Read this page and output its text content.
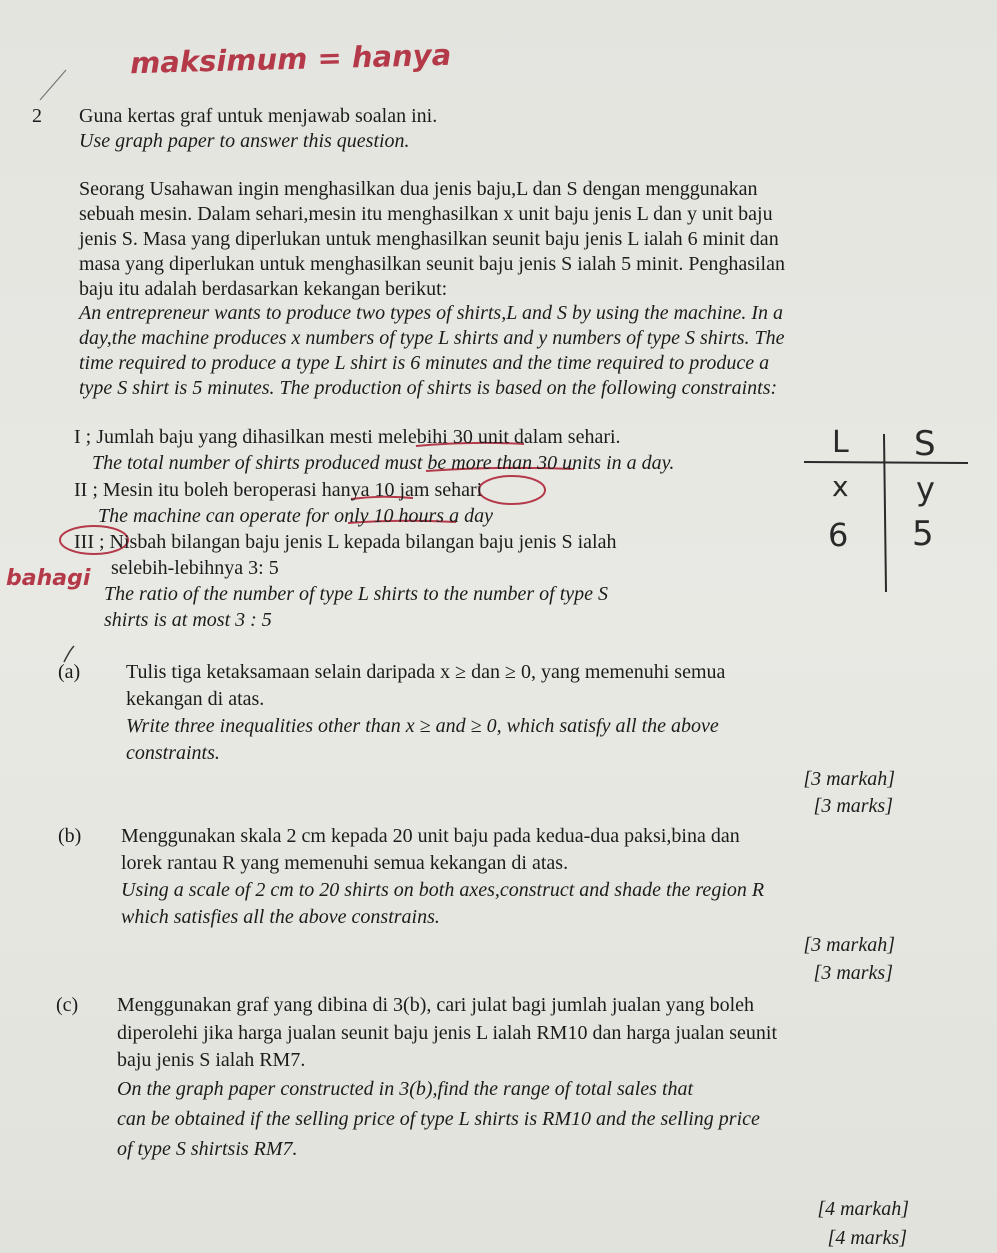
maksimum = hanya
bahagi
L S
x y
6 5
2 Guna kertas graf untuk menjawab soalan ini.
Use graph paper to answer this question.
Seorang Usahawan ingin menghasilkan dua jenis baju,L dan S dengan menggunakan
sebuah mesin. Dalam sehari,mesin itu menghasilkan x unit baju jenis L dan y unit baju
jenis S. Masa yang diperlukan untuk menghasilkan seunit baju jenis L ialah 6 minit dan
masa yang diperlukan untuk menghasilkan seunit baju jenis S ialah 5 minit. Penghasilan
baju itu adalah berdasarkan kekangan berikut:
An entrepreneur wants to produce two types of shirts,L and S by using the machine. In a
day,the machine produces x numbers of type L shirts and y numbers of type S shirts. The
time required to produce a type L shirt is 6 minutes and the time required to produce a
type S shirt is 5 minutes. The production of shirts is based on the following constraints:
I ; Jumlah baju yang dihasilkan mesti melebihi 30 unit dalam sehari.
The total number of shirts produced must be more than 30 units in a day.
II ; Mesin itu boleh beroperasi hanya 10 jam sehari
The machine can operate for only 10 hours a day
III ; Nisbah bilangan baju jenis L kepada bilangan baju jenis S ialah
selebih-lebihnya 3: 5
The ratio of the number of type L shirts to the number of type S
shirts is at most 3 : 5
(a) Tulis tiga ketaksamaan selain daripada x ≥ dan ≥ 0, yang memenuhi semua
kekangan di atas.
Write three inequalities other than x ≥ and ≥ 0, which satisfy all the above
constraints.
[3 markah]
[3 marks]
(b) Menggunakan skala 2 cm kepada 20 unit baju pada kedua-dua paksi,bina dan
lorek rantau R yang memenuhi semua kekangan di atas.
Using a scale of 2 cm to 20 shirts on both axes,construct and shade the region R
which satisfies all the above constrains.
[3 markah]
[3 marks]
(c) Menggunakan graf yang dibina di 3(b), cari julat bagi jumlah jualan yang boleh
diperolehi jika harga jualan seunit baju jenis L ialah RM10 dan harga jualan seunit
baju jenis S ialah RM7.
On the graph paper constructed in 3(b),find the range of total sales that
can be obtained if the selling price of type L shirts is RM10 and the selling price
of type S shirtsis RM7.
[4 markah]
[4 marks]
